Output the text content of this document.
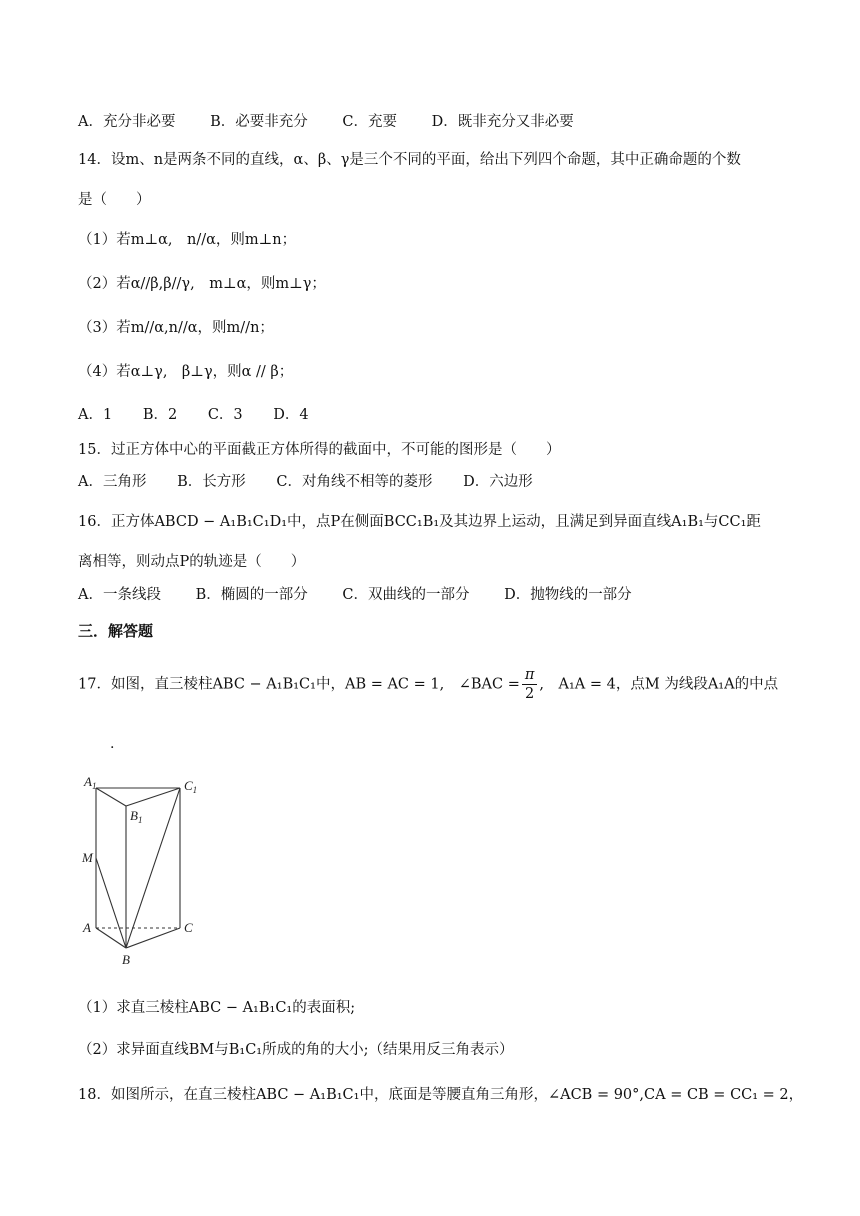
A．充分非必要 B．必要非充分 C．充要 D．既非充分又非必要
14．设m、n是两条不同的直线，α、β、γ是三个不同的平面，给出下列四个命题，其中正确命题的个数
是（　　）
（1）若m⊥α,　n//α，则m⊥n；
（2）若α//β,β//γ,　m⊥α，则m⊥γ；
（3）若m//α,n//α，则m//n；
（4）若α⊥γ,　β⊥γ，则α // β；
A．1 B．2 C．3 D．4
15．过正方体中心的平面截正方体所得的截面中，不可能的图形是（　　）
A．三角形 B．长方形 C．对角线不相等的菱形 D．六边形
16．正方体ABCD − A₁B₁C₁D₁中，点P在侧面BCC₁B₁及其边界上运动，且满足到异面直线A₁B₁与CC₁距
离相等，则动点P的轨迹是（　　）
A．一条线段 B．椭圆的一部分 C．双曲线的一部分 D．抛物线的一部分
三．解答题
17．如图，直三棱柱ABC − A₁B₁C₁中，AB = AC = 1,　∠BAC = $\frac{\pi}{2}$ ,　A₁A = 4，点M 为线段A₁A的中点
.
$A_1$	$C_1$
$B_1$
M
A	C
B
（1）求直三棱柱ABC − A₁B₁C₁的表面积;
（2）求异面直线BM与B₁C₁所成的角的大小;（结果用反三角表示）
18．如图所示，在直三棱柱ABC − A₁B₁C₁中，底面是等腰直角三角形，∠ACB = 90°,CA = CB = CC₁ = 2，
